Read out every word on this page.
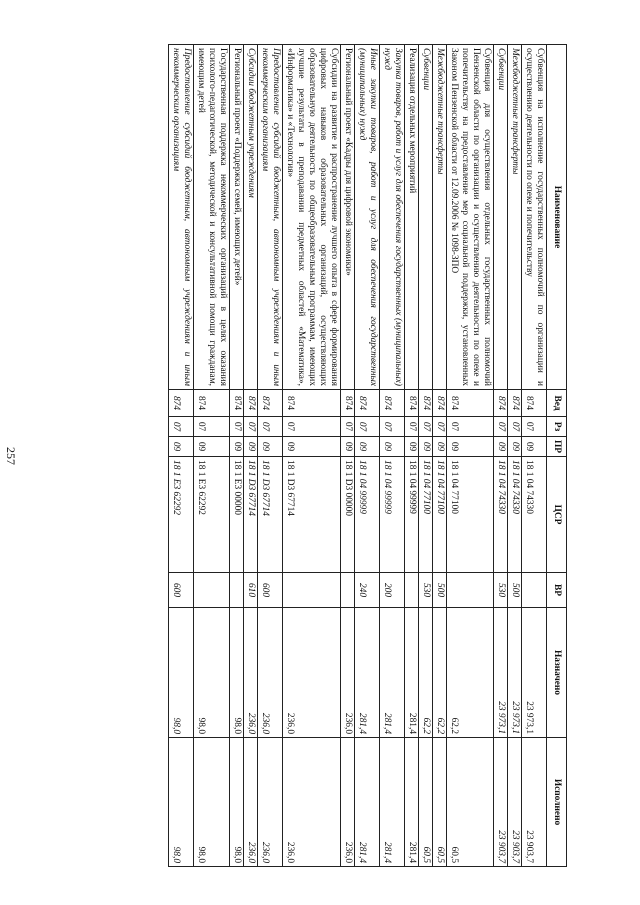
257
Наименование	Вед	Рз	ПР	ЦСР	ВР	Назначено	Исполнено
Субвенция на исполнение государственных полномочий по организации и осуществлению деятельности по опеке и попечительству	874	07	09	18 1 04 74330		23 973,1	23 903,7
Межбюджетные трансферты	874	07	09	18 1 04 74330	500	23 973,1	23 903,7
Субвенции	874	07	09	18 1 04 74330	530	23 973,1	23 903,7
Субвенция для осуществления отдельных государственных полномочий Пензенской области по организации и осуществлению деятельности по опеке и попечительству на предоставление мер социальной поддержки, установленных Законом Пензенской области от 12.09.2006 № 1098-ЗПО	874	07	09	18 1 04 77100		62,2	60,5
Межбюджетные трансферты	874	07	09	18 1 04 77100	500	62,2	60,5
Субвенции	874	07	09	18 1 04 77100	530	62,2	60,5
Реализация отдельных мероприятий	874	07	09	18 1 04 99999		281,4	281,4
Закупка товаров, работ и услуг для обеспечения государственных (муниципальных) нужд	874	07	09	18 1 04 99999	200	281,4	281,4
Иные закупки товаров, работ и услуг для обеспечения государственных (муниципальных) нужд	874	07	09	18 1 04 99999	240	281,4	281,4
Региональный проект «Кадры для цифровой экономики»	874	07	09	18 1 D3 00000		236,0	236,0
Субсидии на развитие и распространение лучшего опыта в сфере формирования цифровых навыков образовательных организаций, осуществляющих образовательную деятельность по общеобразовательным программам, имеющих лучшие результаты в преподавании предметных областей «Математика», «Информатика» и «Технология»	874	07	09	18 1 D3 67714		236,0	236,0
Предоставление субсидий бюджетным, автономным учреждениям и иным некоммерческим организациям	874	07	09	18 1 D3 67714	600	236,0	236,0
Субсидии бюджетным учреждениям	874	07	09	18 1 D3 67714	610	236,0	236,0
Региональный проект «Поддержка семей, имеющих детей»	874	07	09	18 1 E3 00000		98,0	98,0
Государственная поддержка некоммерческих организаций в целях оказания психолого-педагогической, методической и консультативной помощи гражданам, имеющим детей	874	07	09	18 1 E3 62292		98,0	98,0
Предоставление субсидий бюджетным, автономным учреждениям и иным некоммерческим организациям	874	07	09	18 1 E3 62292	600	98,0	98,0
